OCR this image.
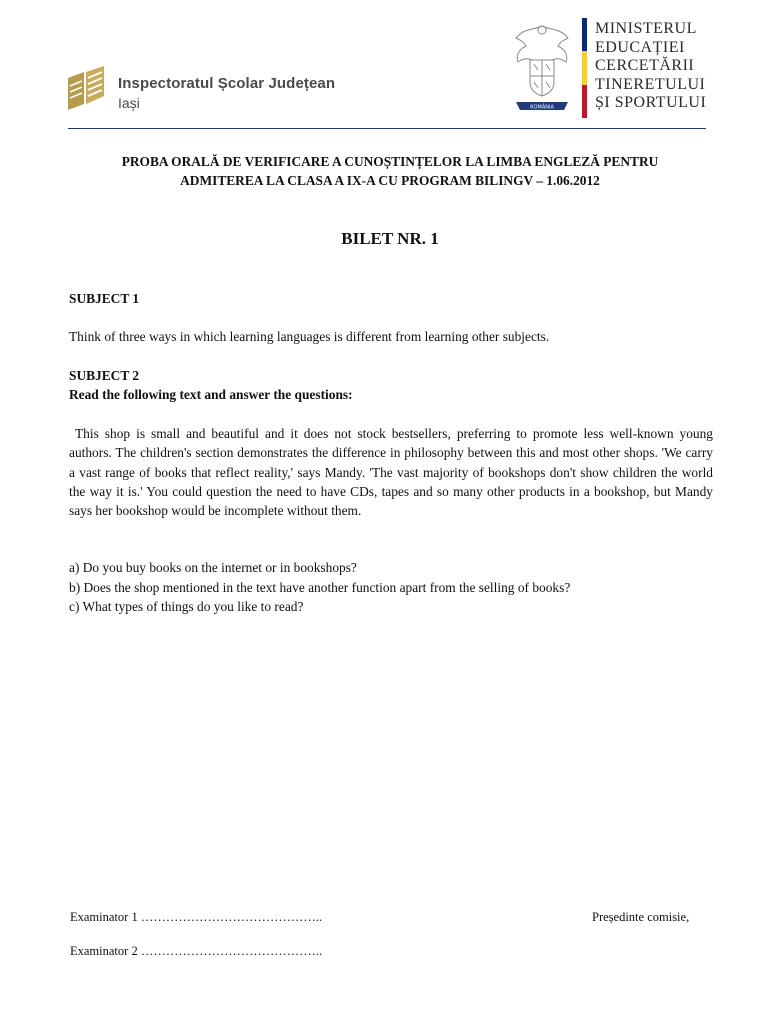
Inspectoratul Școlar Județean
Iași	ROMÂNIA
MINISTERUL
EDUCAȚIEI
CERCETĂRII
TINERETULUI
ȘI SPORTULUI
PROBA ORALĂ DE VERIFICARE A CUNOȘTINȚELOR LA LIMBA ENGLEZĂ PENTRU
ADMITEREA LA CLASA A IX-A CU PROGRAM BILINGV – 1.06.2012
BILET NR. 1
SUBJECT 1
Think of three ways in which learning languages is different from learning other subjects.
SUBJECT 2
Read the following text and answer the questions:
This shop is small and beautiful and it does not stock bestsellers, preferring to promote less well-known young authors. The children's section demonstrates the difference in philosophy between this and most other shops. 'We carry a vast range of books that reflect reality,' says Mandy. 'The vast majority of bookshops don't show children the world the way it is.' You could question the need to have CDs, tapes and so many other products in a bookshop, but Mandy says her bookshop would be incomplete without them.
a) Do you buy books on the internet or in bookshops?
b) Does the shop mentioned in the text have another function apart from the selling of books?
c) What types of things do you like to read?
Examinator 1 ……………………………………..	Președinte comisie,
Examinator 2 ……………………………………..
